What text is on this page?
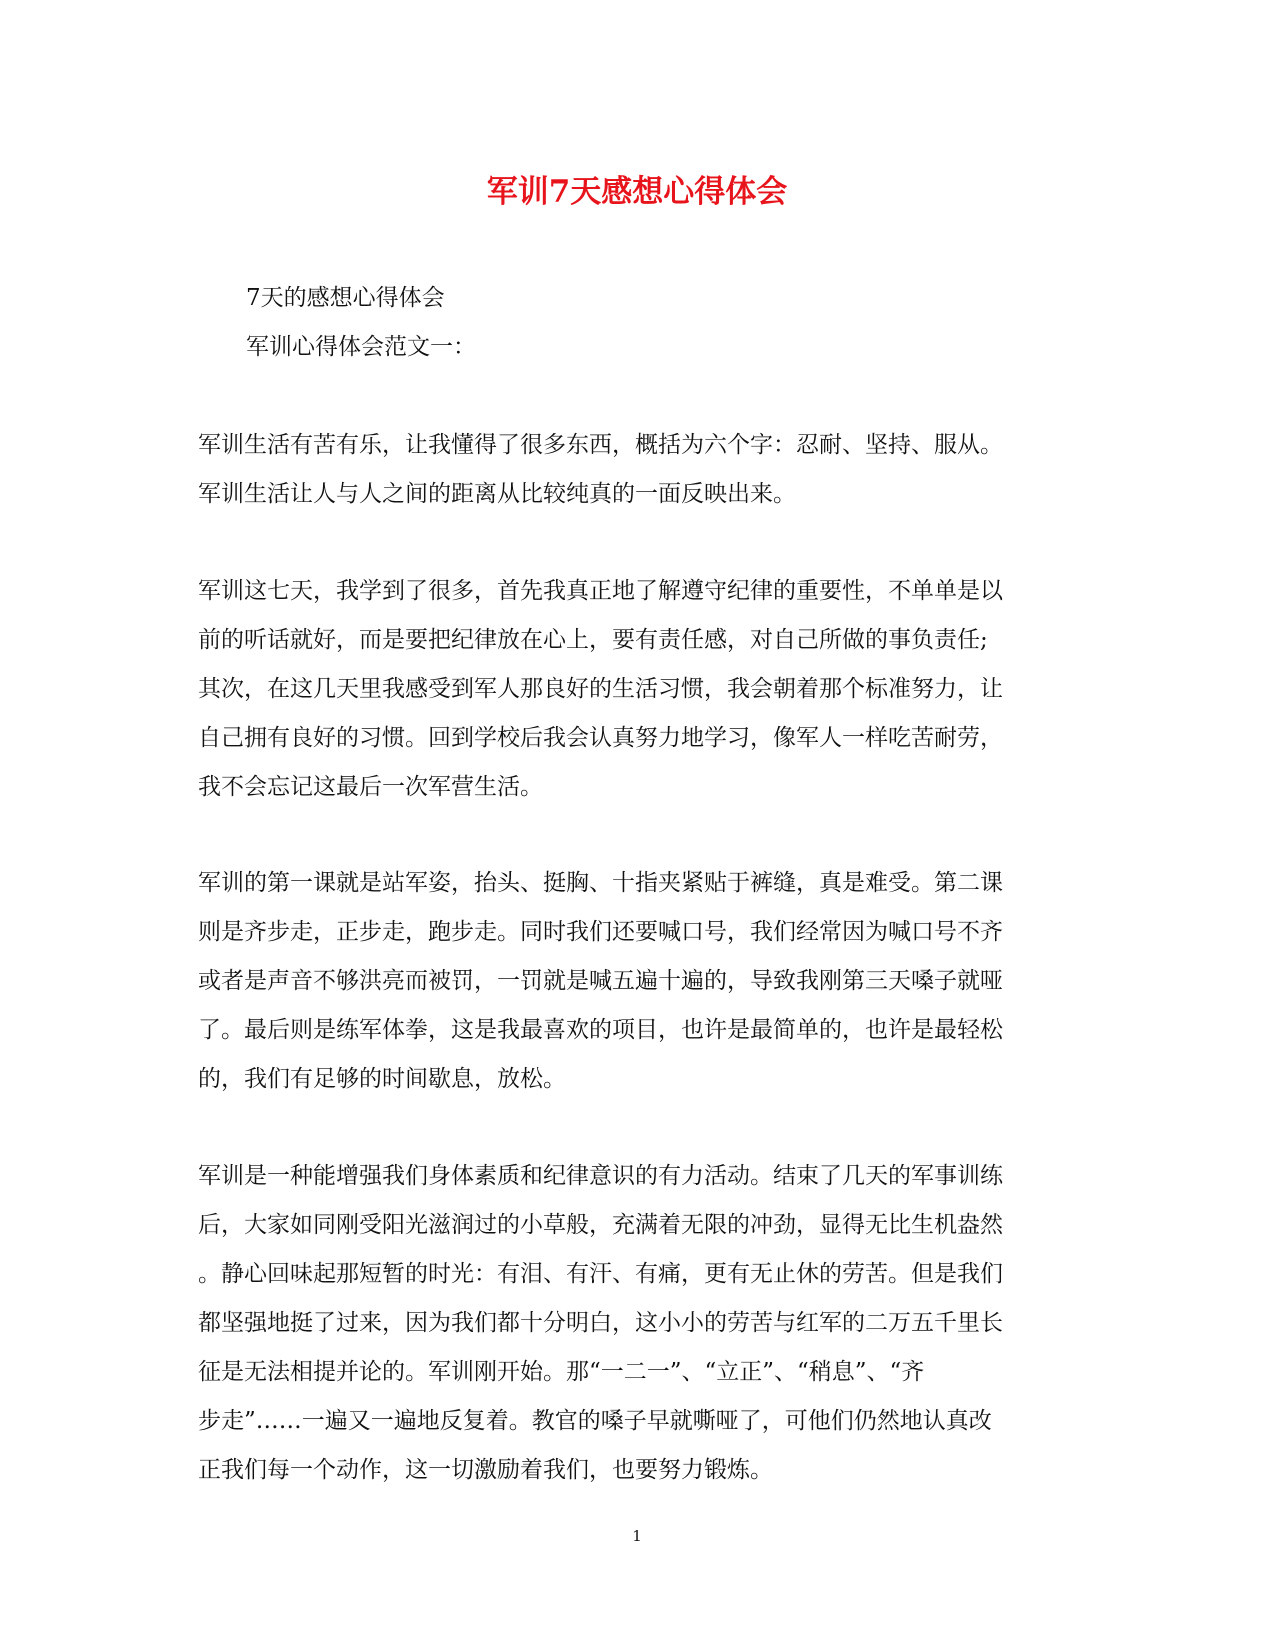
军训7天感想心得体会
7天的感想心得体会
军训心得体会范文一：
军训生活有苦有乐，让我懂得了很多东西，概括为六个字：忍耐、坚持、服从。
军训生活让人与人之间的距离从比较纯真的一面反映出来。
军训这七天，我学到了很多，首先我真正地了解遵守纪律的重要性，不单单是以
前的听话就好，而是要把纪律放在心上，要有责任感，对自己所做的事负责任;
其次，在这几天里我感受到军人那良好的生活习惯，我会朝着那个标准努力，让
自己拥有良好的习惯。回到学校后我会认真努力地学习，像军人一样吃苦耐劳，
我不会忘记这最后一次军营生活。
军训的第一课就是站军姿，抬头、挺胸、十指夹紧贴于裤缝，真是难受。第二课
则是齐步走，正步走，跑步走。同时我们还要喊口号，我们经常因为喊口号不齐
或者是声音不够洪亮而被罚，一罚就是喊五遍十遍的，导致我刚第三天嗓子就哑
了。最后则是练军体拳，这是我最喜欢的项目，也许是最简单的，也许是最轻松
的，我们有足够的时间歇息，放松。
军训是一种能增强我们身体素质和纪律意识的有力活动。结束了几天的军事训练
后，大家如同刚受阳光滋润过的小草般，充满着无限的冲劲，显得无比生机盎然
。静心回味起那短暂的时光：有泪、有汗、有痛，更有无止休的劳苦。但是我们
都坚强地挺了过来，因为我们都十分明白，这小小的劳苦与红军的二万五千里长
征是无法相提并论的。军训刚开始。那“一二一”、“立正”、“稍息”、“齐
步走”……一遍又一遍地反复着。教官的嗓子早就嘶哑了，可他们仍然地认真改
正我们每一个动作，这一切激励着我们，也要努力锻炼。
1
